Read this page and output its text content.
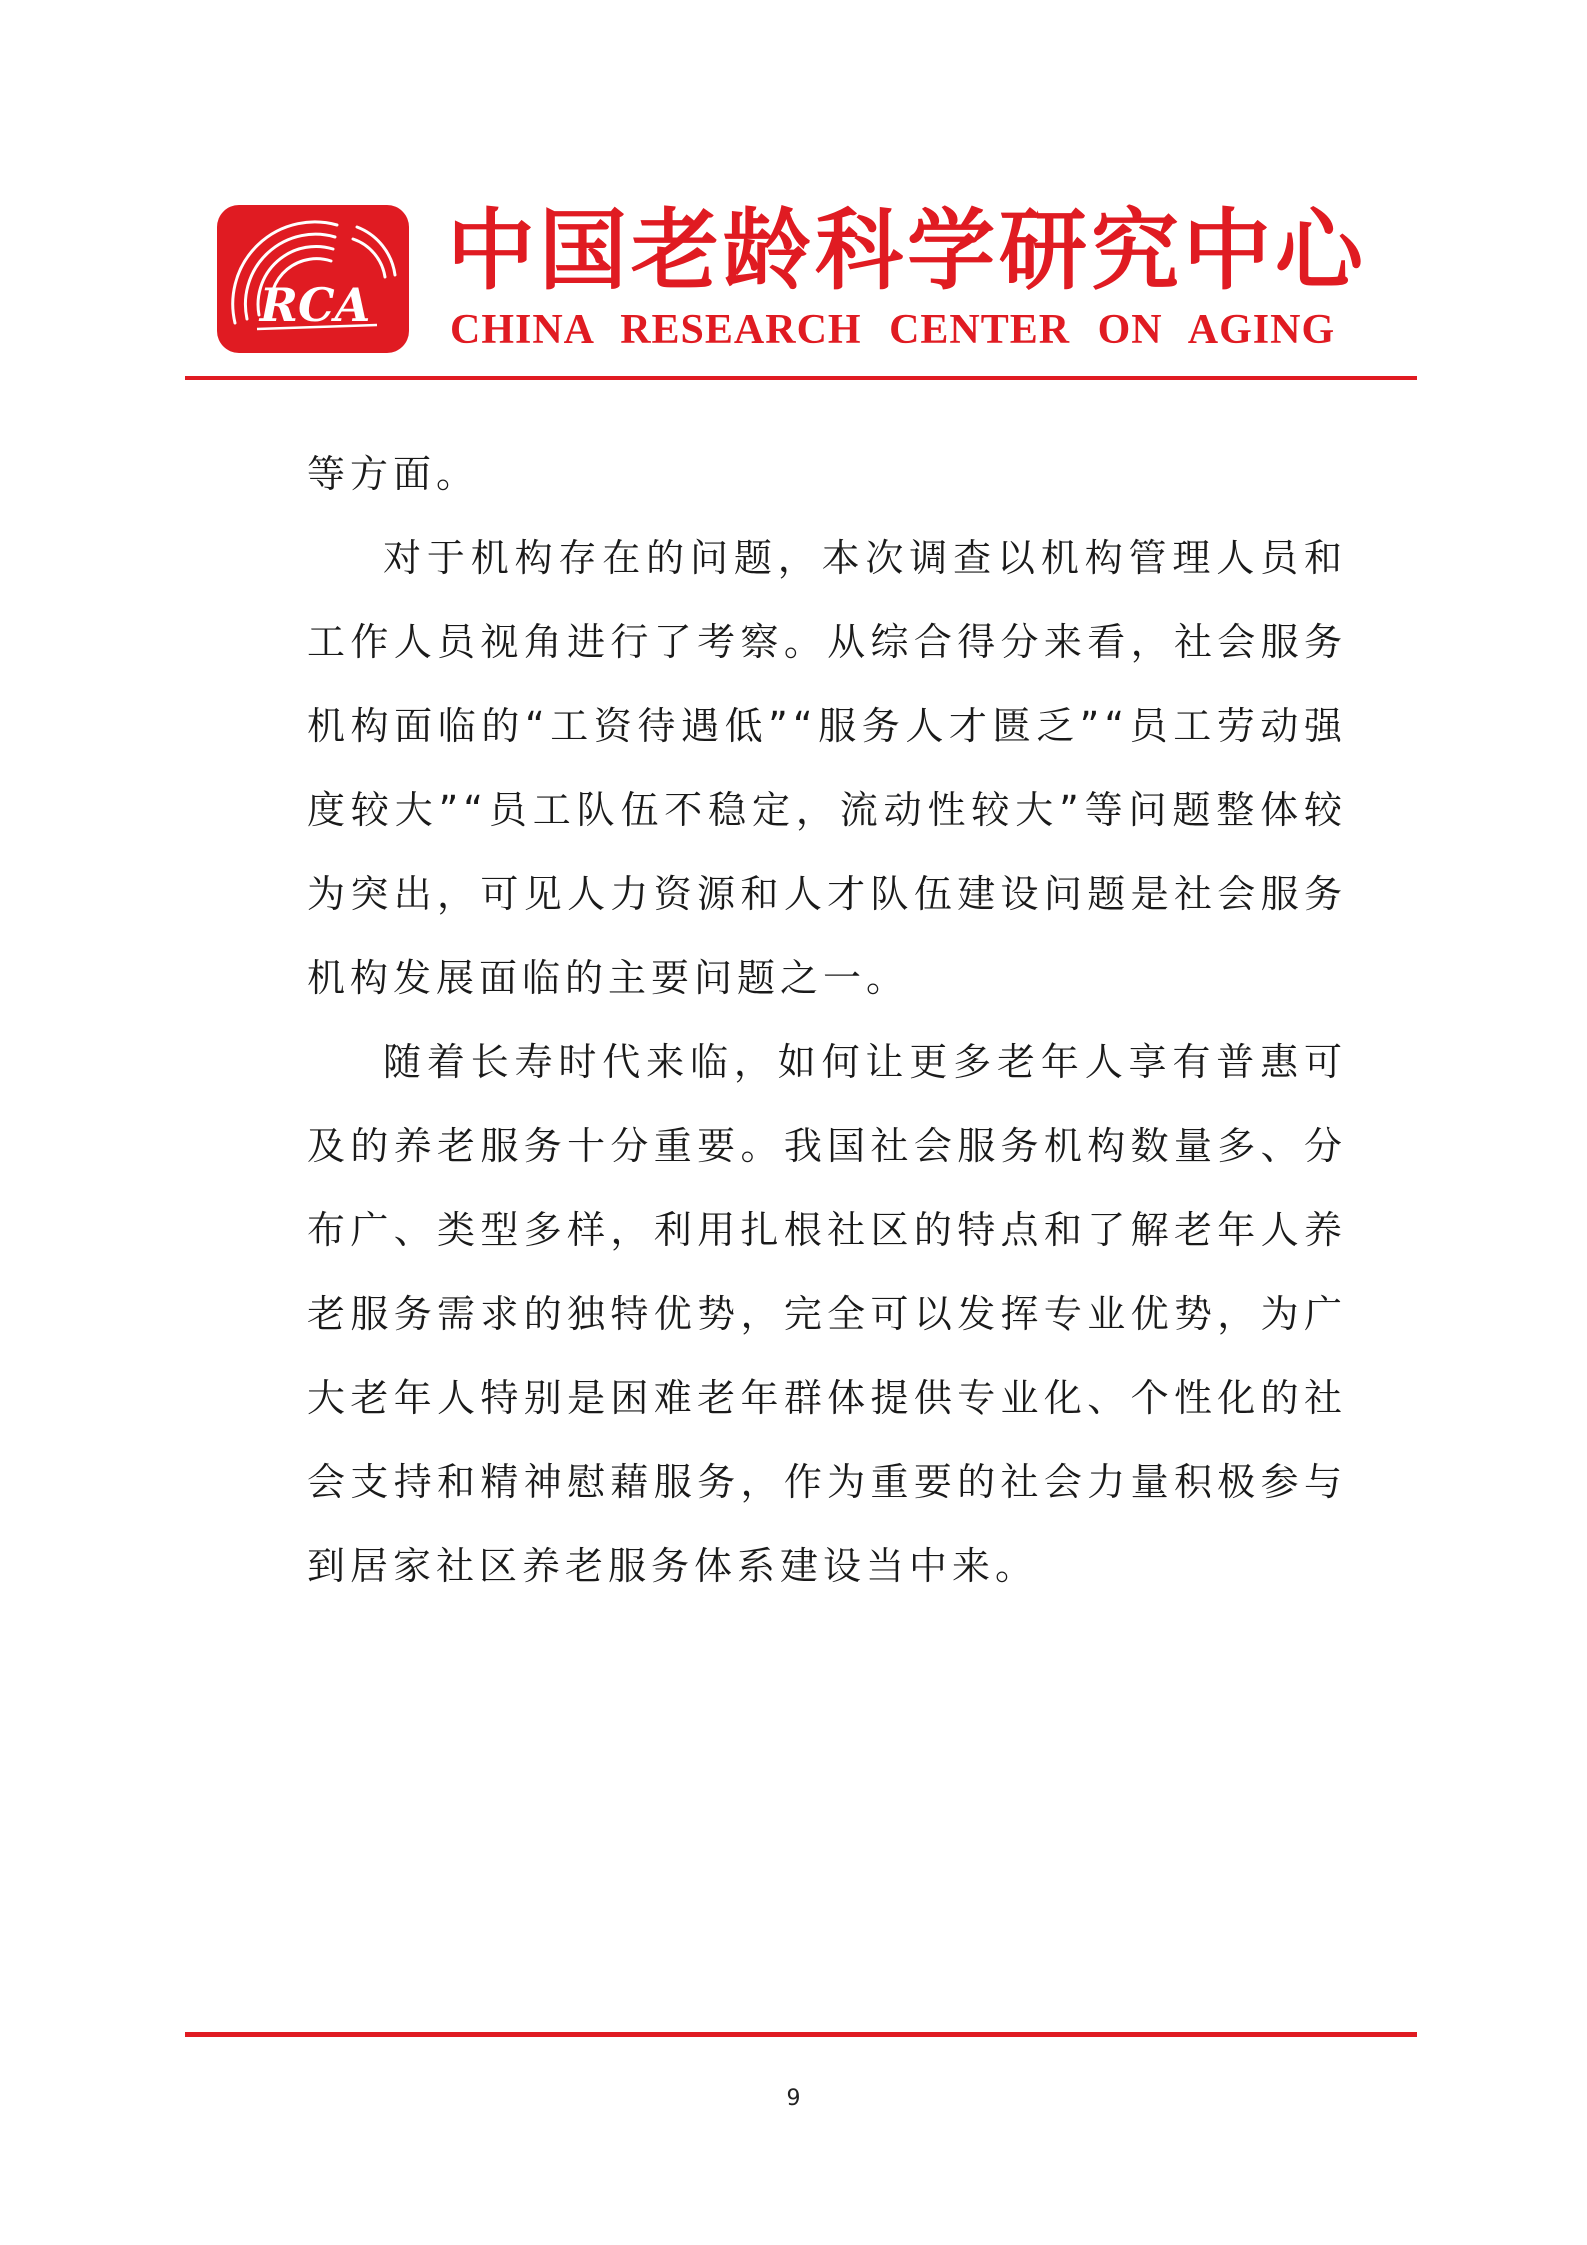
RCA
中国老龄科学研究中心
CHINA RESEARCH CENTER ON AGING

等方面。

对于机构存在的问题，本次调查以机构管理人员和工作人员视角进行了考察。从综合得分来看，社会服务机构面临的“工资待遇低”“服务人才匮乏”“员工劳动强度较大”“员工队伍不稳定，流动性较大”等问题整体较为突出，可见人力资源和人才队伍建设问题是社会服务机构发展面临的主要问题之一。

随着长寿时代来临，如何让更多老年人享有普惠可及的养老服务十分重要。我国社会服务机构数量多、分布广、类型多样，利用扎根社区的特点和了解老年人养老服务需求的独特优势，完全可以发挥专业优势，为广大老年人特别是困难老年群体提供专业化、个性化的社会支持和精神慰藉服务，作为重要的社会力量积极参与到居家社区养老服务体系建设当中来。

9
